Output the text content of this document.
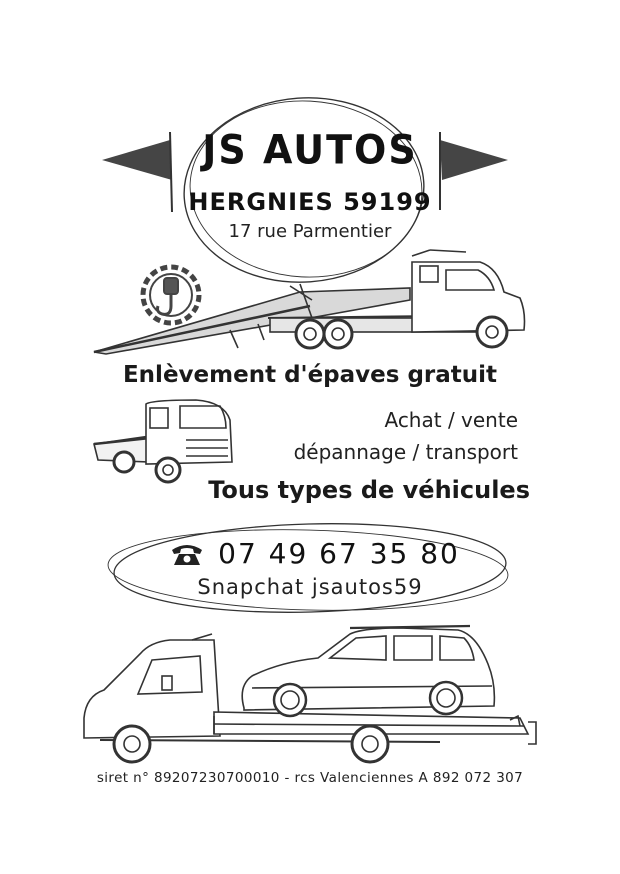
JS AUTOS
HERGNIES 59199
17 rue Parmentier
Enlèvement d'épaves gratuit
Achat / vente
dépannage / transport
Tous types de véhicules
07 49 67 35 80
Snapchat jsautos59
siret n° 89207230700010 - rcs Valenciennes A 892 072 307
